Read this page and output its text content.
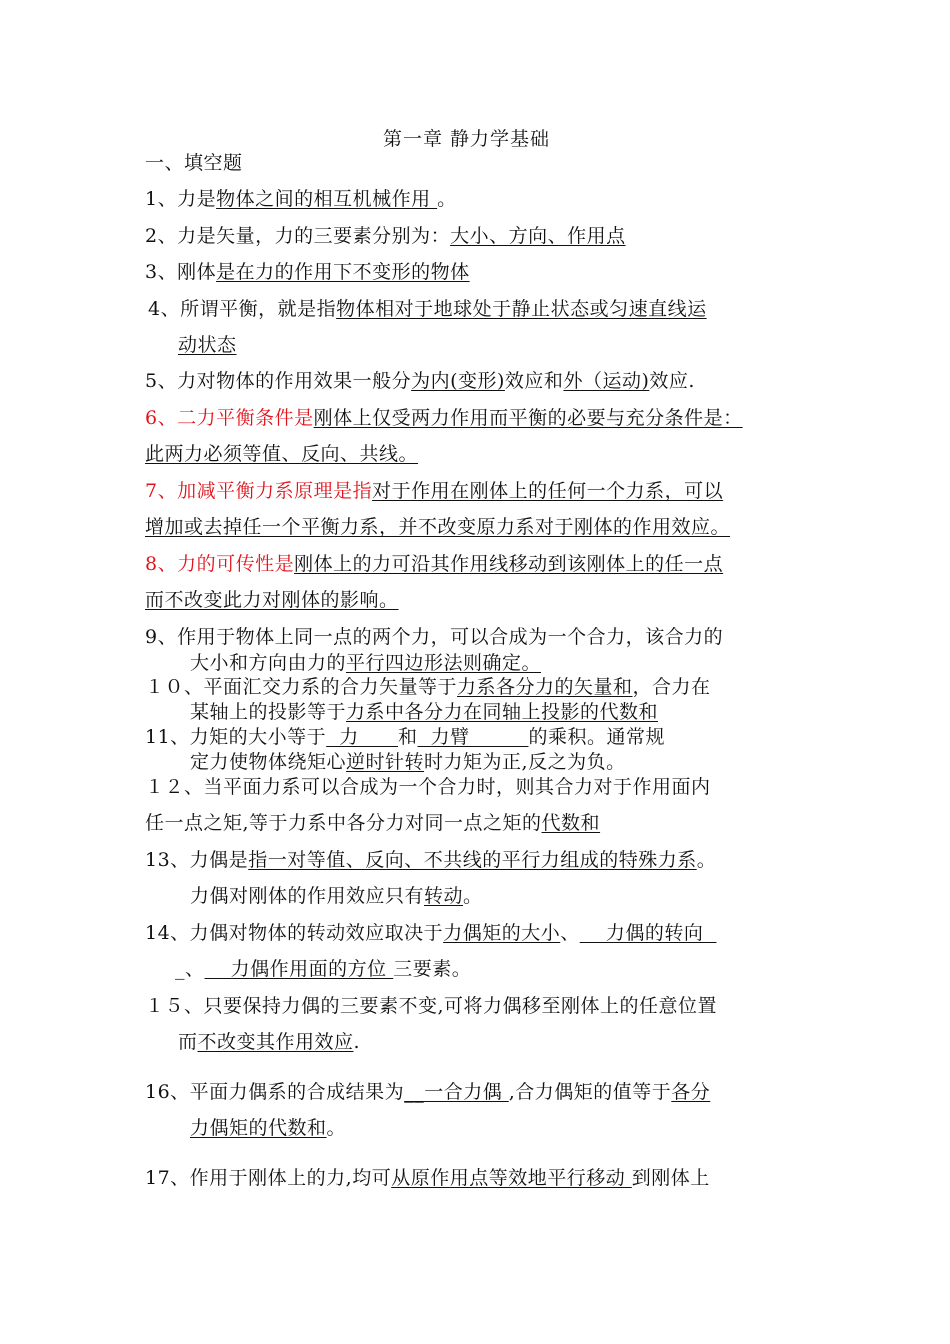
第一章 静力学基础
一、填空题
1、力是物体之间的相互机械作用 。
2、力是矢量，力的三要素分别为：大小、方向、作用点
3、刚体是在力的作用下不变形的物体
4、所谓平衡，就是指物体相对于地球处于静止状态或匀速直线运
动状态
5、力对物体的作用效果一般分为内(变形)效应和外（运动)效应.
6、二力平衡条件是刚体上仅受两力作用而平衡的必要与充分条件是：
此两力必须等值、反向、共线。
7、加减平衡力系原理是指对于作用在刚体上的任何一个力系，可以
增加或去掉任一个平衡力系，并不改变原力系对于刚体的作用效应。
8、力的可传性是刚体上的力可沿其作用线移动到该刚体上的任一点
而不改变此力对刚体的影响。
9、作用于物体上同一点的两个力，可以合成为一个合力，该合力的
大小和方向由力的平行四边形法则确定。
１０、平面汇交力系的合力矢量等于力系各分力的矢量和，合力在
某轴上的投影等于力系中各分力在同轴上投影的代数和
11、力矩的大小等于  力      和  力臂         的乘积。通常规
定力使物体绕矩心逆时针转时力矩为正,反之为负。
１２、当平面力系可以合成为一个合力时，则其合力对于作用面内
任一点之矩,等于力系中各分力对同一点之矩的代数和
13、力偶是指一对等值、反向、不共线的平行力组成的特殊力系。
力偶对刚体的作用效应只有转动。
14、力偶对物体的转动效应取决于力偶矩的大小、    力偶的转向
_、    力偶作用面的方位 三要素。
１５、只要保持力偶的三要素不变,可将力偶移至刚体上的任意位置
而不改变其作用效应.
16、平面力偶系的合成结果为__一合力偶 ,合力偶矩的值等于各分
力偶矩的代数和。
17、作用于刚体上的力,均可从原作用点等效地平行移动 到刚体上
